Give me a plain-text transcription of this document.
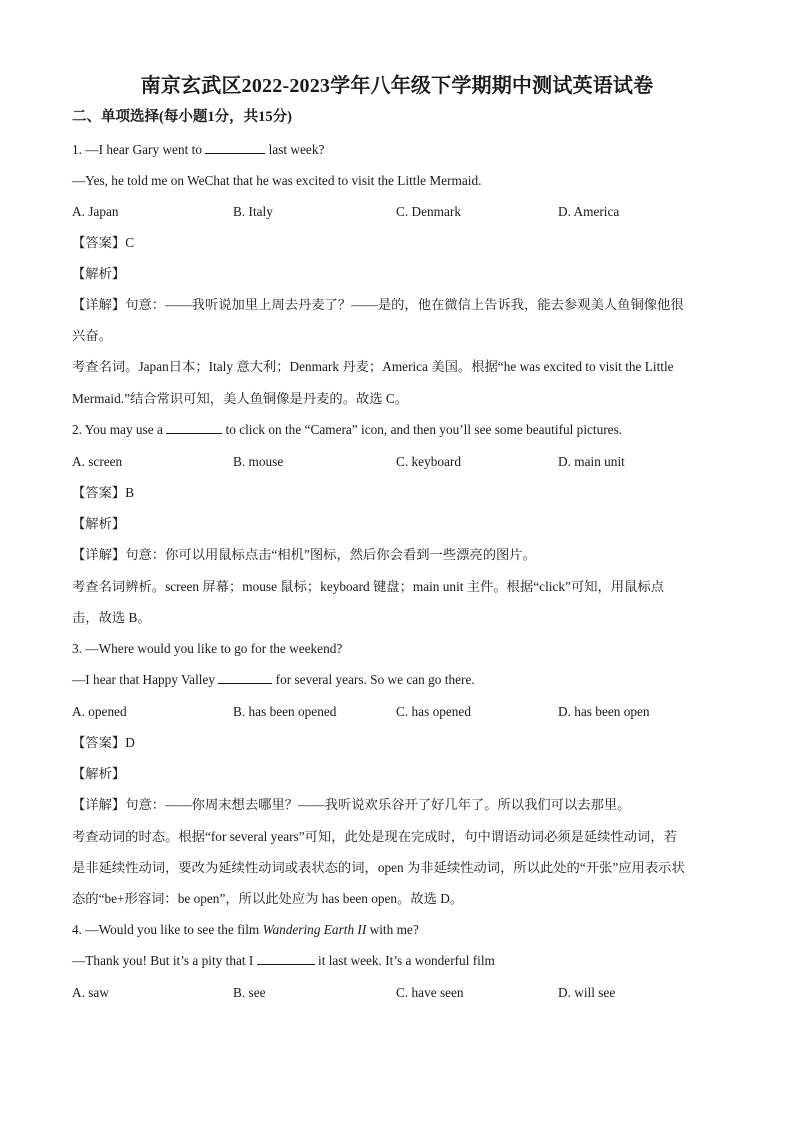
南京玄武区2022-2023学年八年级下学期期中测试英语试卷
二、单项选择(每小题1分，共15分)
1. —I hear Gary went to	last week?
—Yes, he told me on WeChat that he was excited to visit the Little Mermaid.
A. Japan	B. Italy	C. Denmark	D. America
【答案】C
【解析】
【详解】句意：——我听说加里上周去丹麦了？——是的，他在微信上告诉我，能去参观美人鱼铜像他很
兴奋。
考查名词。Japan日本；Italy 意大利；Denmark 丹麦；America 美国。根据“he was excited to visit the Little
Mermaid.”结合常识可知，美人鱼铜像是丹麦的。故选 C。
2. You may use a	to click on the “Camera” icon, and then you’ll see some beautiful pictures.
A. screen	B. mouse	C. keyboard	D. main unit
【答案】B
【解析】
【详解】句意：你可以用鼠标点击“相机”图标，然后你会看到一些漂亮的图片。
考查名词辨析。screen 屏幕；mouse 鼠标；keyboard 键盘；main unit 主件。根据“click”可知，用鼠标点
击，故选 B。
3. —Where would you like to go for the weekend?
—I hear that Happy Valley	for several years. So we can go there.
A. opened	B. has been opened	C. has opened	D. has been open
【答案】D
【解析】
【详解】句意：——你周末想去哪里？——我听说欢乐谷开了好几年了。所以我们可以去那里。
考查动词的时态。根据“for several years”可知，此处是现在完成时，句中谓语动词必须是延续性动词，若
是非延续性动词，要改为延续性动词或表状态的词，open 为非延续性动词，所以此处的“开张”应用表示状
态的“be+形容词：be open”，所以此处应为 has been open。故选 D。
4. —Would you like to see the film Wandering Earth II with me?
—Thank you! But it’s a pity that I	it last week. It’s a wonderful film
A. saw	B. see	C. have seen	D. will see
